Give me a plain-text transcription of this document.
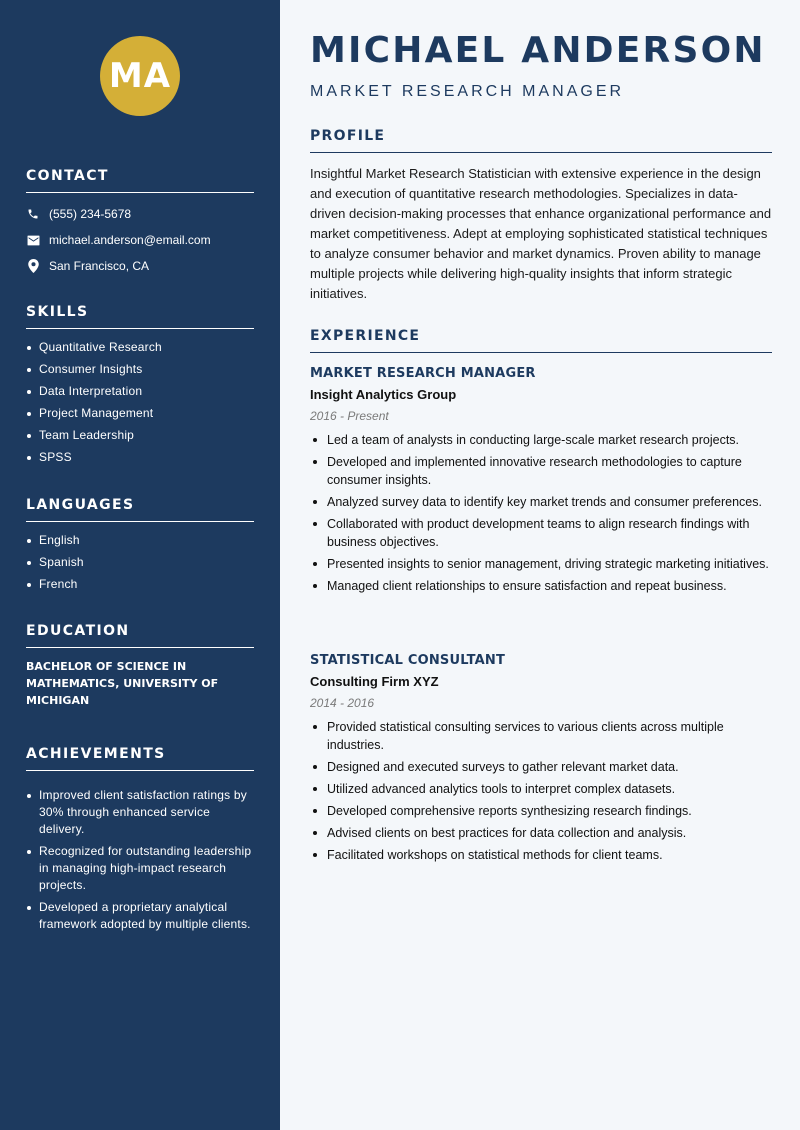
MA
CONTACT
(555) 234-5678
michael.anderson@email.com
San Francisco, CA
SKILLS
Quantitative Research
Consumer Insights
Data Interpretation
Project Management
Team Leadership
SPSS
LANGUAGES
English
Spanish
French
EDUCATION
BACHELOR OF SCIENCE IN MATHEMATICS, UNIVERSITY OF MICHIGAN
ACHIEVEMENTS
Improved client satisfaction ratings by 30% through enhanced service delivery.
Recognized for outstanding leadership in managing high-impact research projects.
Developed a proprietary analytical framework adopted by multiple clients.
MICHAEL ANDERSON
MARKET RESEARCH MANAGER
PROFILE
Insightful Market Research Statistician with extensive experience in the design and execution of quantitative research methodologies. Specializes in data-driven decision-making processes that enhance organizational performance and market competitiveness. Adept at employing sophisticated statistical techniques to analyze consumer behavior and market dynamics. Proven ability to manage multiple projects while delivering high-quality insights that inform strategic initiatives.
EXPERIENCE
MARKET RESEARCH MANAGER
Insight Analytics Group
2016 - Present
Led a team of analysts in conducting large-scale market research projects.
Developed and implemented innovative research methodologies to capture consumer insights.
Analyzed survey data to identify key market trends and consumer preferences.
Collaborated with product development teams to align research findings with business objectives.
Presented insights to senior management, driving strategic marketing initiatives.
Managed client relationships to ensure satisfaction and repeat business.
STATISTICAL CONSULTANT
Consulting Firm XYZ
2014 - 2016
Provided statistical consulting services to various clients across multiple industries.
Designed and executed surveys to gather relevant market data.
Utilized advanced analytics tools to interpret complex datasets.
Developed comprehensive reports synthesizing research findings.
Advised clients on best practices for data collection and analysis.
Facilitated workshops on statistical methods for client teams.
